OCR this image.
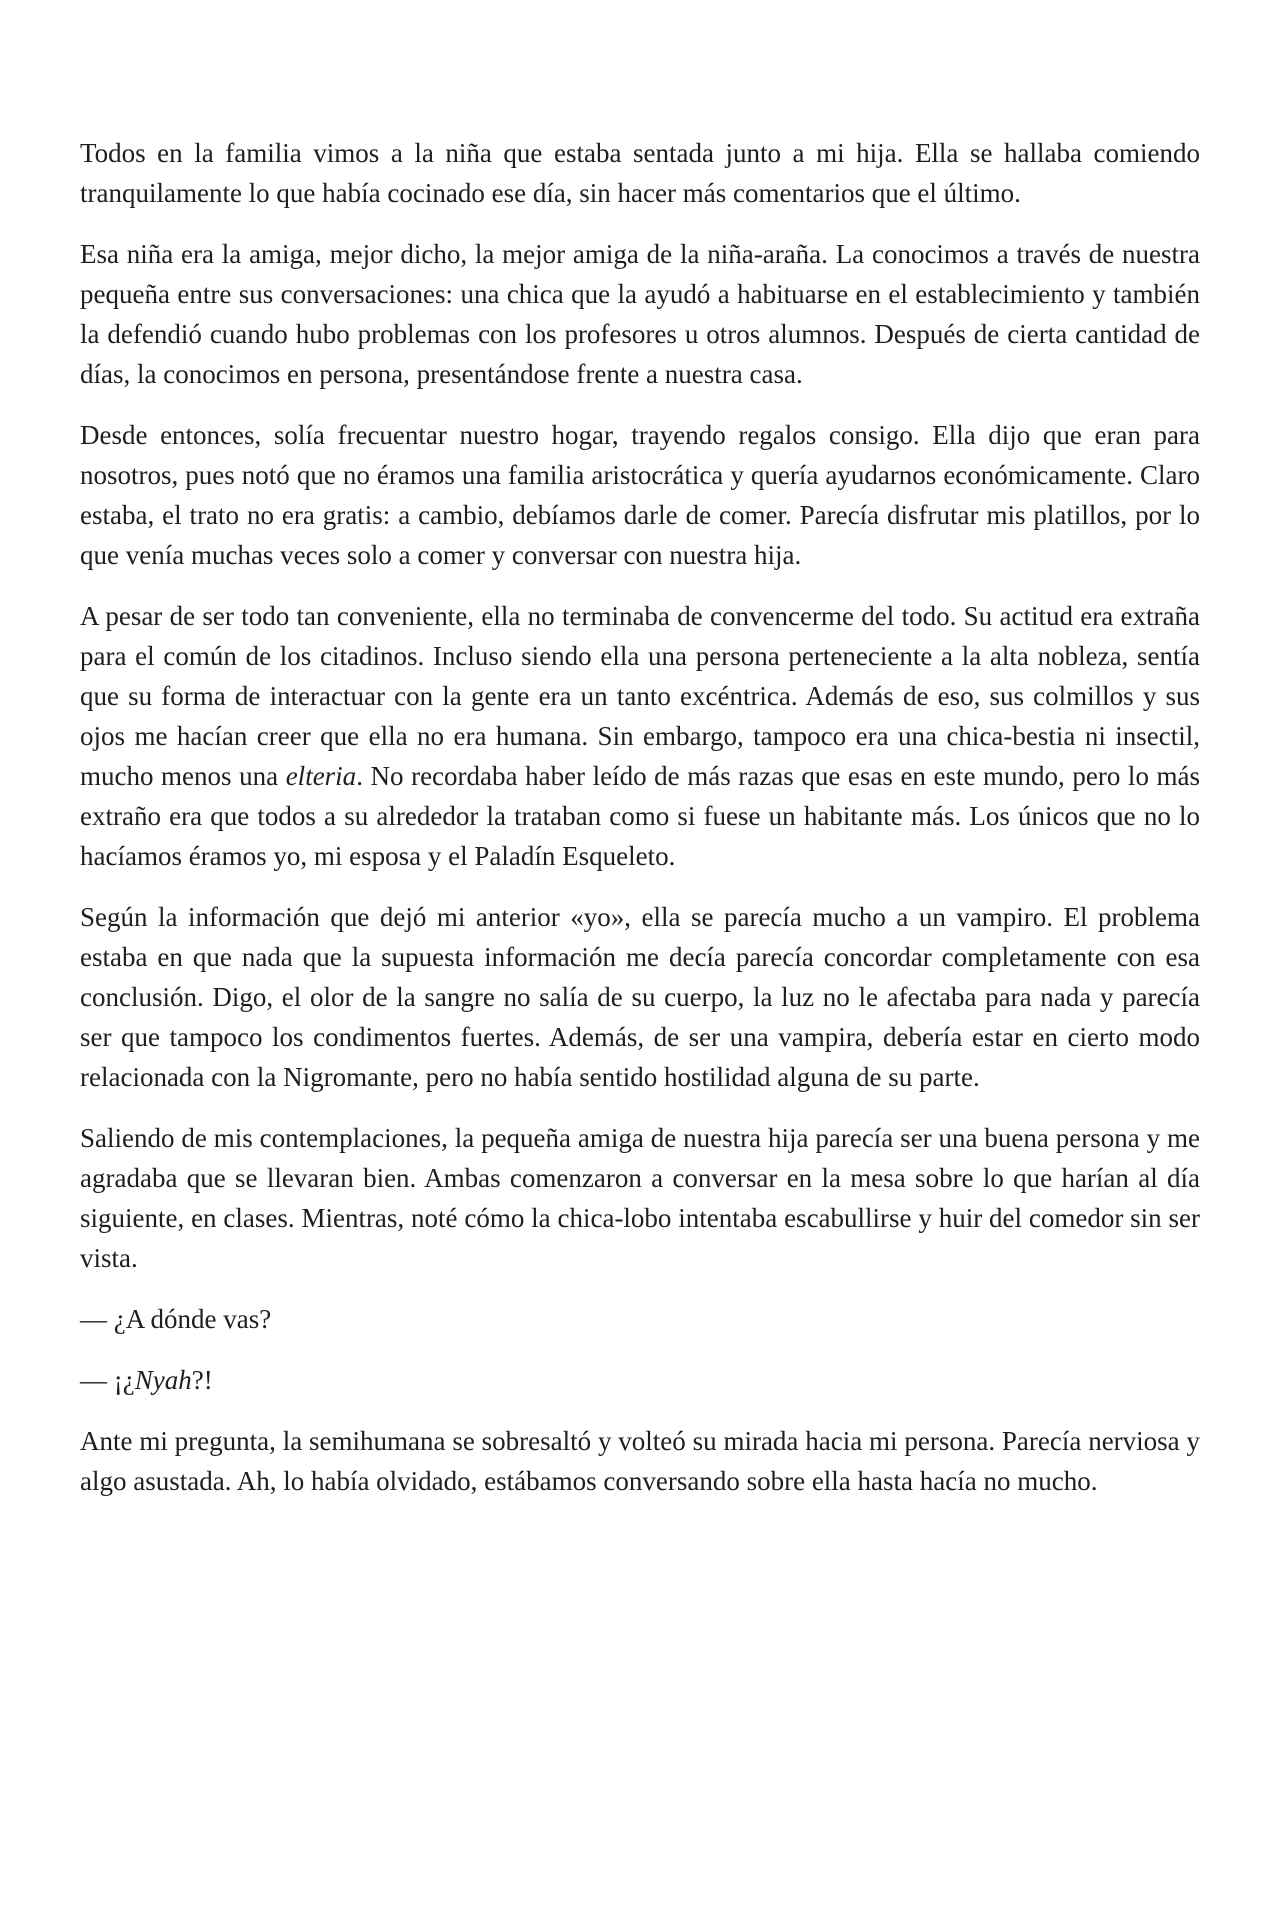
Todos en la familia vimos a la niña que estaba sentada junto a mi hija. Ella se hallaba comiendo tranquilamente lo que había cocinado ese día, sin hacer más comentarios que el último.

Esa niña era la amiga, mejor dicho, la mejor amiga de la niña-araña. La conocimos a través de nuestra pequeña entre sus conversaciones: una chica que la ayudó a habituarse en el establecimiento y también la defendió cuando hubo problemas con los profesores u otros alumnos. Después de cierta cantidad de días, la conocimos en persona, presentándose frente a nuestra casa.

Desde entonces, solía frecuentar nuestro hogar, trayendo regalos consigo. Ella dijo que eran para nosotros, pues notó que no éramos una familia aristocrática y quería ayudarnos económicamente. Claro estaba, el trato no era gratis: a cambio, debíamos darle de comer. Parecía disfrutar mis platillos, por lo que venía muchas veces solo a comer y conversar con nuestra hija.

A pesar de ser todo tan conveniente, ella no terminaba de convencerme del todo. Su actitud era extraña para el común de los citadinos. Incluso siendo ella una persona perteneciente a la alta nobleza, sentía que su forma de interactuar con la gente era un tanto excéntrica. Además de eso, sus colmillos y sus ojos me hacían creer que ella no era humana. Sin embargo, tampoco era una chica-bestia ni insectil, mucho menos una elteria. No recordaba haber leído de más razas que esas en este mundo, pero lo más extraño era que todos a su alrededor la trataban como si fuese un habitante más. Los únicos que no lo hacíamos éramos yo, mi esposa y el Paladín Esqueleto.

Según la información que dejó mi anterior «yo», ella se parecía mucho a un vampiro. El problema estaba en que nada que la supuesta información me decía parecía concordar completamente con esa conclusión. Digo, el olor de la sangre no salía de su cuerpo, la luz no le afectaba para nada y parecía ser que tampoco los condimentos fuertes. Además, de ser una vampira, debería estar en cierto modo relacionada con la Nigromante, pero no había sentido hostilidad alguna de su parte.

Saliendo de mis contemplaciones, la pequeña amiga de nuestra hija parecía ser una buena persona y me agradaba que se llevaran bien. Ambas comenzaron a conversar en la mesa sobre lo que harían al día siguiente, en clases. Mientras, noté cómo la chica-lobo intentaba escabullirse y huir del comedor sin ser vista.

— ¿A dónde vas?

— ¡¿Nyah?!

Ante mi pregunta, la semihumana se sobresaltó y volteó su mirada hacia mi persona. Parecía nerviosa y algo asustada. Ah, lo había olvidado, estábamos conversando sobre ella hasta hacía no mucho.
